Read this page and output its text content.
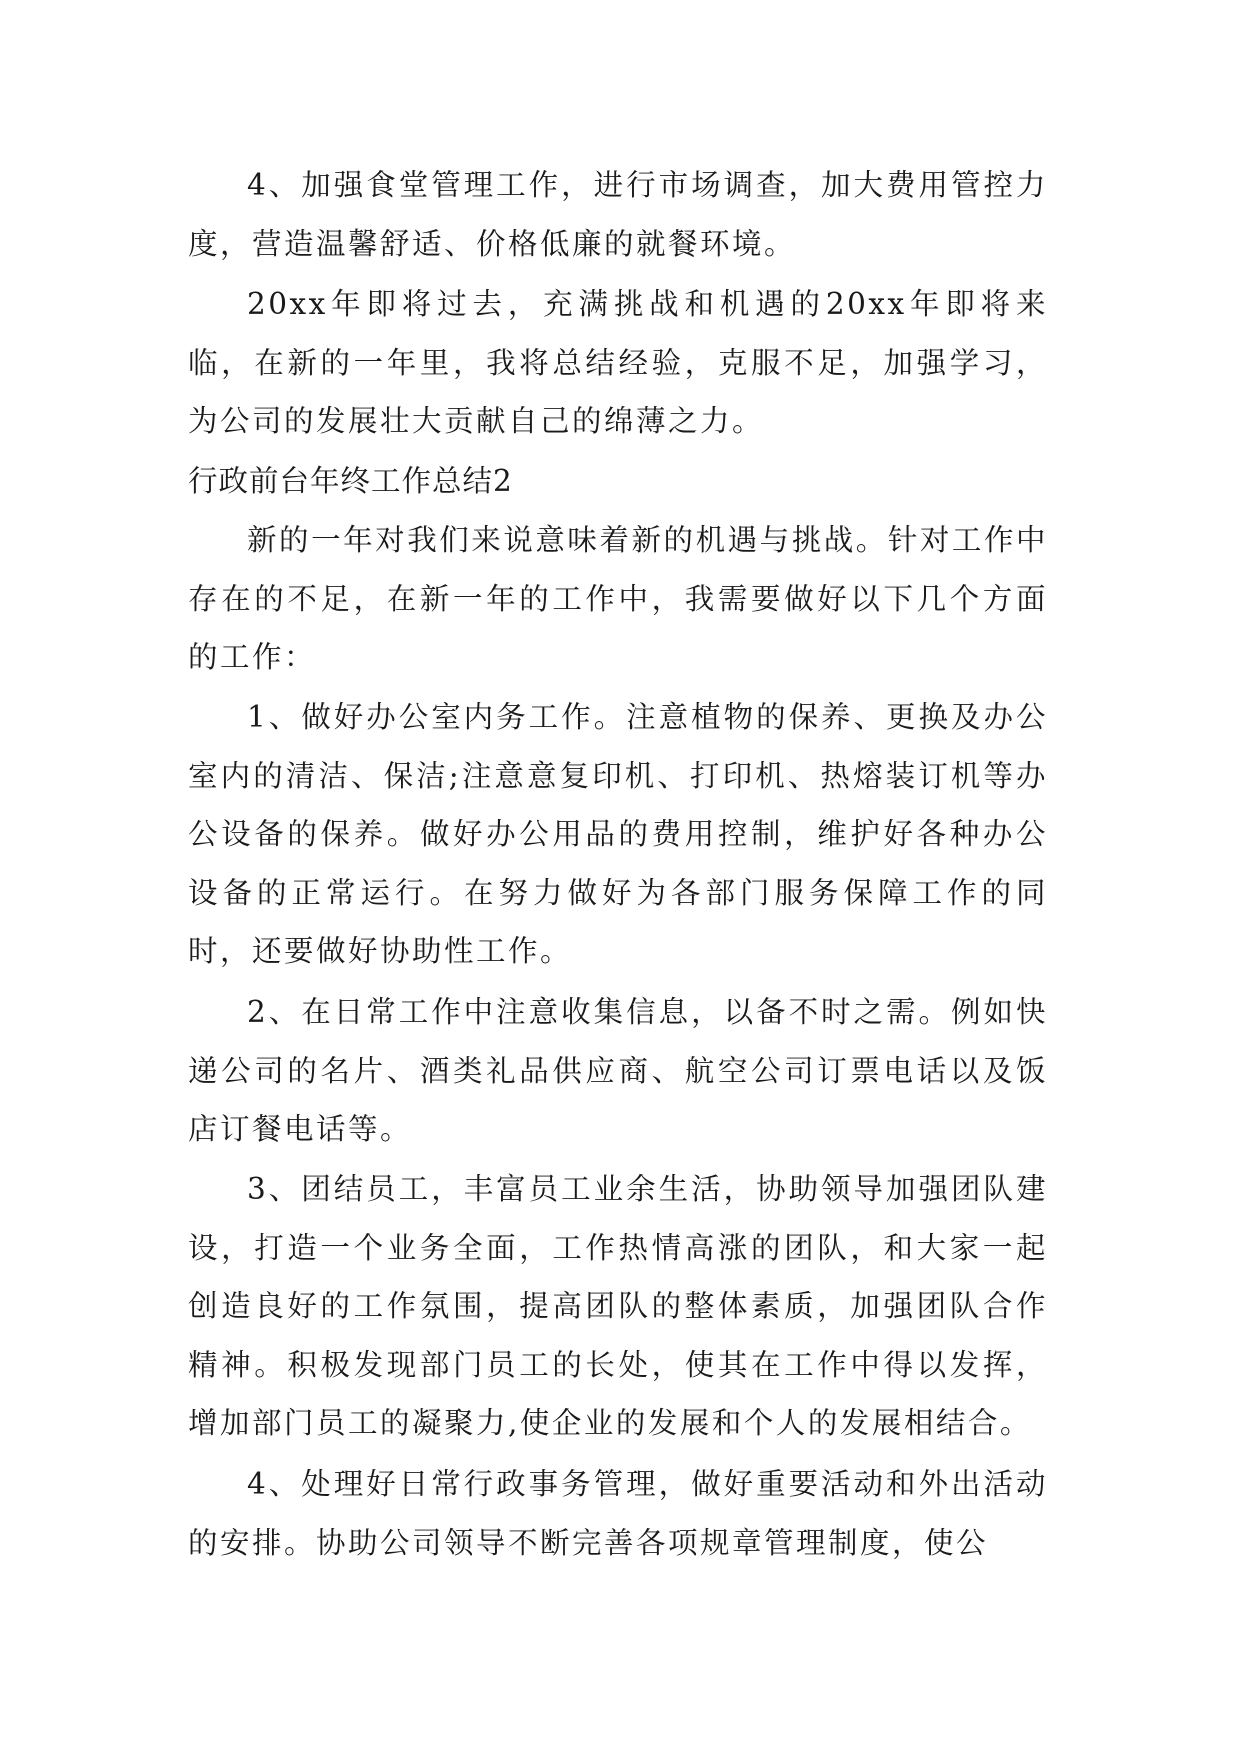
4、加强食堂管理工作，进行市场调查，加大费用管控力度，营造温馨舒适、价格低廉的就餐环境。

20xx年即将过去，充满挑战和机遇的20xx年即将来临，在新的一年里，我将总结经验，克服不足，加强学习，为公司的发展壮大贡献自己的绵薄之力。

行政前台年终工作总结2

新的一年对我们来说意味着新的机遇与挑战。针对工作中存在的不足，在新一年的工作中，我需要做好以下几个方面的工作：

1、做好办公室内务工作。注意植物的保养、更换及办公室内的清洁、保洁;注意意复印机、打印机、热熔装订机等办公设备的保养。做好办公用品的费用控制，维护好各种办公设备的正常运行。在努力做好为各部门服务保障工作的同时，还要做好协助性工作。

2、在日常工作中注意收集信息，以备不时之需。例如快递公司的名片、酒类礼品供应商、航空公司订票电话以及饭店订餐电话等。

3、团结员工，丰富员工业余生活，协助领导加强团队建设，打造一个业务全面，工作热情高涨的团队，和大家一起创造良好的工作氛围，提高团队的整体素质，加强团队合作精神。积极发现部门员工的长处，使其在工作中得以发挥，增加部门员工的凝聚力,使企业的发展和个人的发展相结合。

4、处理好日常行政事务管理，做好重要活动和外出活动的安排。协助公司领导不断完善各项规章管理制度，使公
